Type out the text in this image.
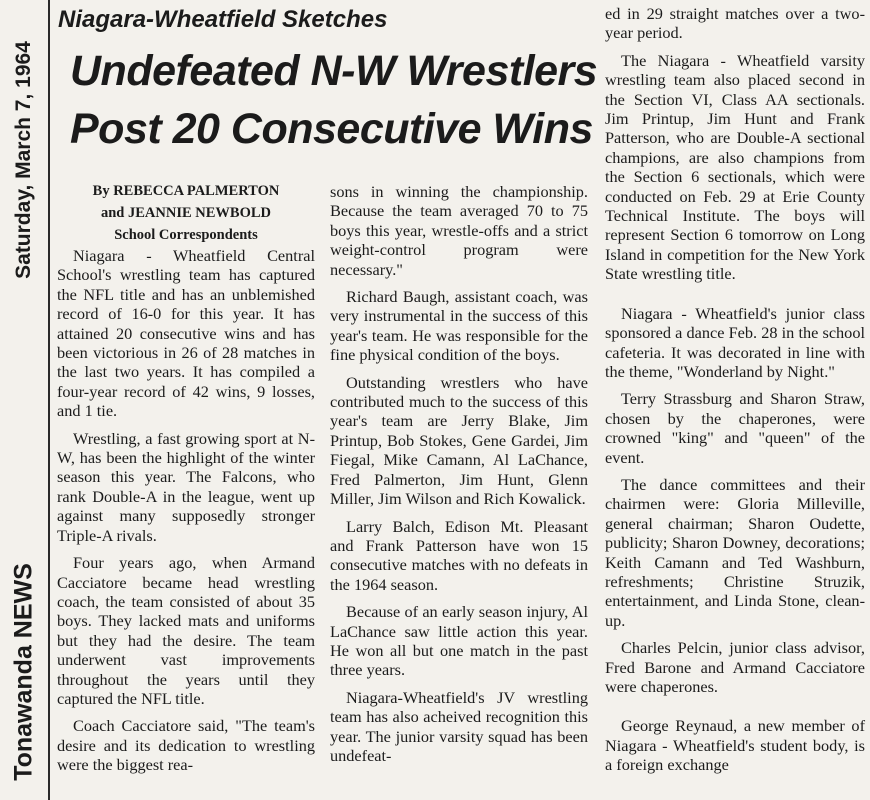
Saturday, March 7, 1964
Tonawanda NEWS
Niagara-Wheatfield Sketches
Undefeated N-W Wrestlers
Post 20 Consecutive Wins
By REBECCA PALMERTON
and JEANNIE NEWBOLD
School Correspondents

Niagara - Wheatfield Central School's wrestling team has captured the NFL title and has an unblemished record of 16-0 for this year. It has attained 20 consecutive wins and has been victorious in 26 of 28 matches in the last two years. It has compiled a four-year record of 42 wins, 9 losses, and 1 tie.

Wrestling, a fast growing sport at N-W, has been the highlight of the winter season this year. The Falcons, who rank Double-A in the league, went up against many supposedly stronger Triple-A rivals.

Four years ago, when Armand Cacciatore became head wrestling coach, the team consisted of about 35 boys. They lacked mats and uniforms but they had the desire. The team underwent vast improvements throughout the years until they captured the NFL title.

Coach Cacciatore said, "The team's desire and its dedication to wrestling were the biggest rea-

sons in winning the championship. Because the team averaged 70 to 75 boys this year, wrestle-offs and a strict weight-control program were necessary."

Richard Baugh, assistant coach, was very instrumental in the success of this year's team. He was responsible for the fine physical condition of the boys.

Outstanding wrestlers who have contributed much to the success of this year's team are Jerry Blake, Jim Printup, Bob Stokes, Gene Gardei, Jim Fiegal, Mike Camann, Al LaChance, Fred Palmerton, Jim Hunt, Glenn Miller, Jim Wilson and Rich Kowalick.

Larry Balch, Edison Mt. Pleasant and Frank Patterson have won 15 consecutive matches with no defeats in the 1964 season.

Because of an early season injury, Al LaChance saw little action this year. He won all but one match in the past three years.

Niagara-Wheatfield's JV wrestling team has also acheived recognition this year. The junior varsity squad has been undefeat-

ed in 29 straight matches over a two-year period.

The Niagara - Wheatfield varsity wrestling team also placed second in the Section VI, Class AA sectionals. Jim Printup, Jim Hunt and Frank Patterson, who are Double-A sectional champions, are also champions from the Section 6 sectionals, which were conducted on Feb. 29 at Erie County Technical Institute. The boys will represent Section 6 tomorrow on Long Island in competition for the New York State wrestling title.

Niagara - Wheatfield's junior class sponsored a dance Feb. 28 in the school cafeteria. It was decorated in line with the theme, "Wonderland by Night."

Terry Strassburg and Sharon Straw, chosen by the chaperones, were crowned "king" and "queen" of the event.

The dance committees and their chairmen were: Gloria Milleville, general chairman; Sharon Oudette, publicity; Sharon Downey, decorations; Keith Camann and Ted Washburn, refreshments; Christine Struzik, entertainment, and Linda Stone, clean-up.

Charles Pelcin, junior class advisor, Fred Barone and Armand Cacciatore were chaperones.

George Reynaud, a new member of Niagara - Wheatfield's student body, is a foreign exchange
